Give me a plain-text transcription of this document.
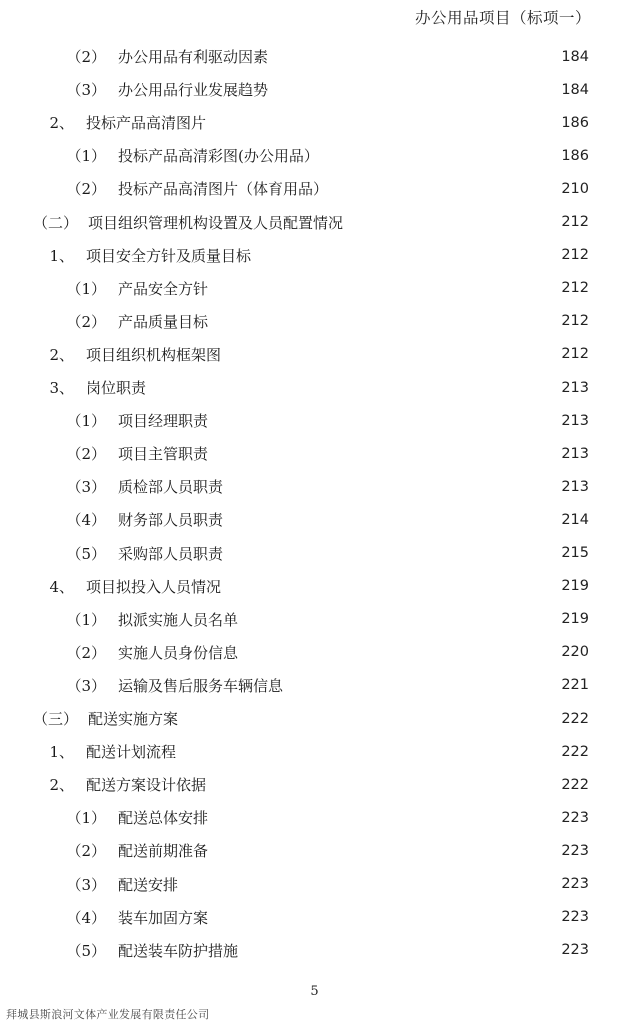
办公用品项目（标项一）
（2） 办公用品有利驱动因素	184
（3） 办公用品行业发展趋势	184
2、 投标产品高清图片	186
（1） 投标产品高清彩图(办公用品）	186
（2） 投标产品高清图片（体育用品）	210
（二） 项目组织管理机构设置及人员配置情况	212
1、 项目安全方针及质量目标	212
（1） 产品安全方针	212
（2） 产品质量目标	212
2、 项目组织机构框架图	212
3、 岗位职责	213
（1） 项目经理职责	213
（2） 项目主管职责	213
（3） 质检部人员职责	213
（4） 财务部人员职责	214
（5） 采购部人员职责	215
4、 项目拟投入人员情况	219
（1） 拟派实施人员名单	219
（2） 实施人员身份信息	220
（3） 运输及售后服务车辆信息	221
（三） 配送实施方案	222
1、 配送计划流程	222
2、 配送方案设计依据	222
（1） 配送总体安排	223
（2） 配送前期准备	223
（3） 配送安排	223
（4） 装车加固方案	223
（5） 配送装车防护措施	223
5
拜城县斯浪河文体产业发展有限责任公司
